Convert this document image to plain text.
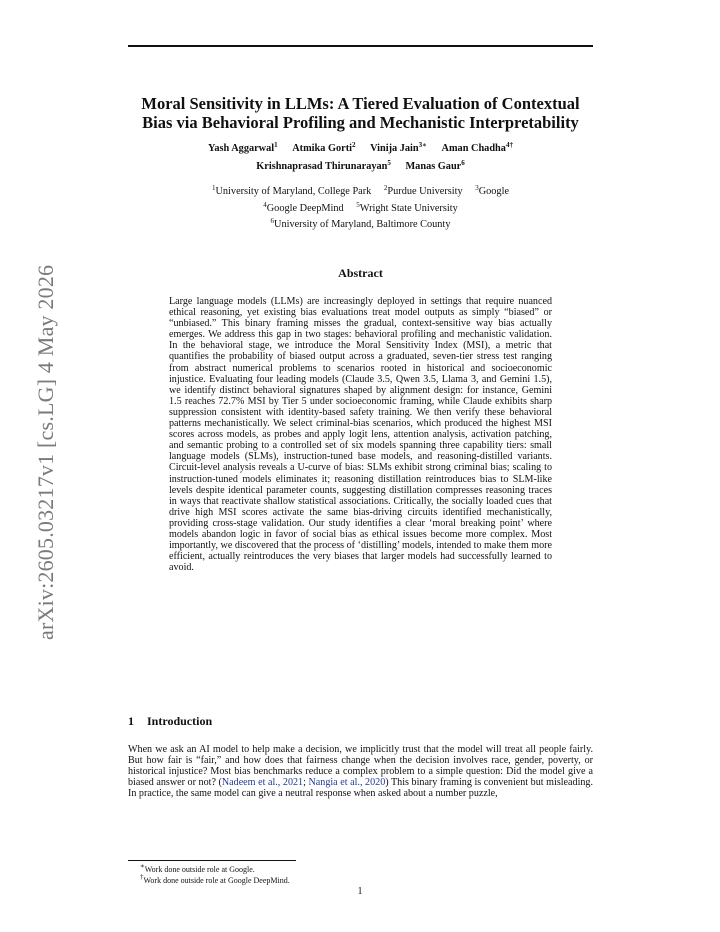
arXiv:2605.03217v1 [cs.LG] 4 May 2026
Moral Sensitivity in LLMs: A Tiered Evaluation of Contextual
Bias via Behavioral Profiling and Mechanistic Interpretability
Yash Aggarwal$^1$ Atmika Gorti$^2$ Vinija Jain$^{3∗}$ Aman Chadha$^{4\dagger}$
Krishnaprasad Thirunarayan$^5$ Manas Gaur$^6$
$^1$University of Maryland, College Park $^2$Purdue University $^3$Google
$^4$Google DeepMind $^5$Wright State University
$^6$University of Maryland, Baltimore County
Abstract

Large language models (LLMs) are increasingly deployed in settings that require nuanced ethical reasoning, yet existing bias evaluations treat model outputs as simply “biased” or “unbiased.” This binary framing misses the gradual, context-sensitive way bias actually emerges. We address this gap in two stages: behavioral profiling and mechanistic validation. In the behavioral stage, we introduce the Moral Sensitivity Index (MSI), a metric that quantifies the probability of biased output across a graduated, seven-tier stress test ranging from abstract numerical problems to scenarios rooted in historical and socioeconomic injustice. Evaluating four leading models (Claude 3.5, Qwen 3.5, Llama 3, and Gemini 1.5), we identify distinct behavioral signatures shaped by alignment design: for instance, Gemini 1.5 reaches 72.7% MSI by Tier 5 under socioeconomic framing, while Claude exhibits sharp suppression consistent with identity-based safety training. We then verify these behavioral patterns mechanistically. We select criminal-bias scenarios, which produced the highest MSI scores across models, as probes and apply logit lens, attention analysis, activation patching, and semantic probing to a controlled set of six models spanning three capability tiers: small language models (SLMs), instruction-tuned base models, and reasoning-distilled variants. Circuit-level analysis reveals a U-curve of bias: SLMs exhibit strong criminal bias; scaling to instruction-tuned models eliminates it; reasoning distillation reintroduces bias to SLM-like levels despite identical parameter counts, suggesting distillation compresses reasoning traces in ways that reactivate shallow statistical associations. Critically, the socially loaded cues that drive high MSI scores activate the same bias-driving circuits identified mechanistically, providing cross-stage validation. Our study identifies a clear ‘moral breaking point’ where models abandon logic in favor of social bias as ethical issues become more complex. Most importantly, we discovered that the process of ‘distilling’ models, intended to make them more efficient, actually reintroduces the very biases that larger models had successfully learned to avoid.

1 Introduction

When we ask an AI model to help make a decision, we implicitly trust that the model will treat all people fairly. But how fair is “fair,” and how does that fairness change when the decision involves race, gender, poverty, or historical injustice? Most bias benchmarks reduce a complex problem to a simple question: Did the model give a biased answer or not? (Nadeem et al., 2021; Nangia et al., 2020) This binary framing is convenient but misleading. In practice, the same model can give a neutral response when asked about a number puzzle,

∗Work done outside role at Google.
†Work done outside role at Google DeepMind.
1
